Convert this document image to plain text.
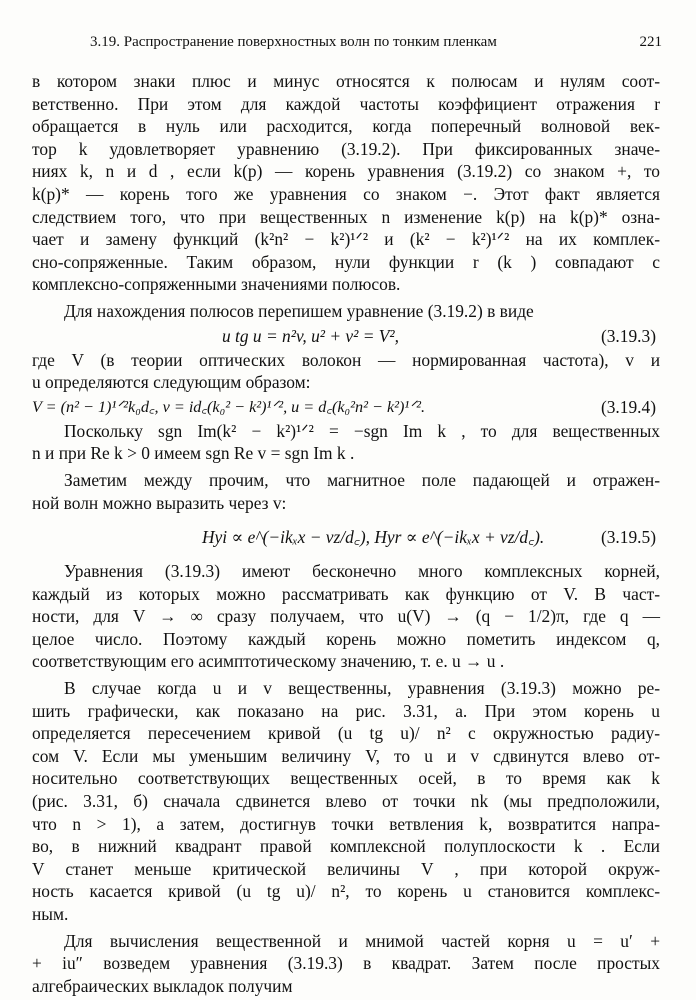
3.19. Распространение поверхностных волн по тонким пленкам	221
в котором знаки плюс и минус относятся к полюсам и нулям соот-
ветственно. При этом для каждой частоты коэффициент отражения r
обращается в нуль или расходится, когда поперечный волновой век-
тор k удовлетворяет уравнению (3.19.2). При фиксированных значе-
ниях k, n и d , если k(p) — корень уравнения (3.19.2) со знаком +, то
k(p)* — корень того же уравнения со знаком −. Этот факт является
следствием того, что при вещественных n изменение k(p) на k(p)* озна-
чает и замену функций (k²n² − k²)¹ᐟ² и (k² − k²)¹ᐟ² на их комплек-
сно-сопряженные. Таким образом, нули функции r (k ) совпадают с
комплексно-сопряженными значениями полюсов.
Для нахождения полюсов перепишем уравнение (3.19.2) в виде
u tg u = n²v, u² + v² = V²,	(3.19.3)
где V (в теории оптических волокон — нормированная частота), v и
u определяются следующим образом:
V = (n² − 1)¹ᐟ²k₀d꜀, v = id꜀(k₀² − k²)¹ᐟ², u = d꜀(k₀²n² − k²)¹ᐟ².	(3.19.4)
Поскольку sgn Im(k² − k²)¹ᐟ² = −sgn Im k , то для вещественных
n и при Re k > 0 имеем sgn Re v = sgn Im k .
Заметим между прочим, что магнитное поле падающей и отражен-
ной волн можно выразить через v:
Hyi ∝ e^(−ikₓx − vz/d꜀), Hyr ∝ e^(−ikₓx + vz/d꜀).	(3.19.5)
Уравнения (3.19.3) имеют бесконечно много комплексных корней,
каждый из которых можно рассматривать как функцию от V. В част-
ности, для V → ∞ сразу получаем, что u(V) → (q − 1/2)π, где q —
целое число. Поэтому каждый корень можно пометить индексом q,
соответствующим его асимптотическому значению, т. е. u → u .
В случае когда u и v вещественны, уравнения (3.19.3) можно ре-
шить графически, как показано на рис. 3.31, а. При этом корень u
определяется пересечением кривой (u tg u)/ n² с окружностью радиу-
сом V. Если мы уменьшим величину V, то u и v сдвинутся влево от-
носительно соответствующих вещественных осей, в то время как k
(рис. 3.31, б) сначала сдвинется влево от точки nk (мы предположили,
что n > 1), а затем, достигнув точки ветвления k, возвратится напра-
во, в нижний квадрант правой комплексной полуплоскости k . Если
V станет меньше критической величины V , при которой окруж-
ность касается кривой (u tg u)/ n², то корень u становится комплекс-
ным.
Для вычисления вещественной и мнимой частей корня u = u′ +
+ iu″ возведем уравнения (3.19.3) в квадрат. Затем после простых
алгебраических выкладок получим
